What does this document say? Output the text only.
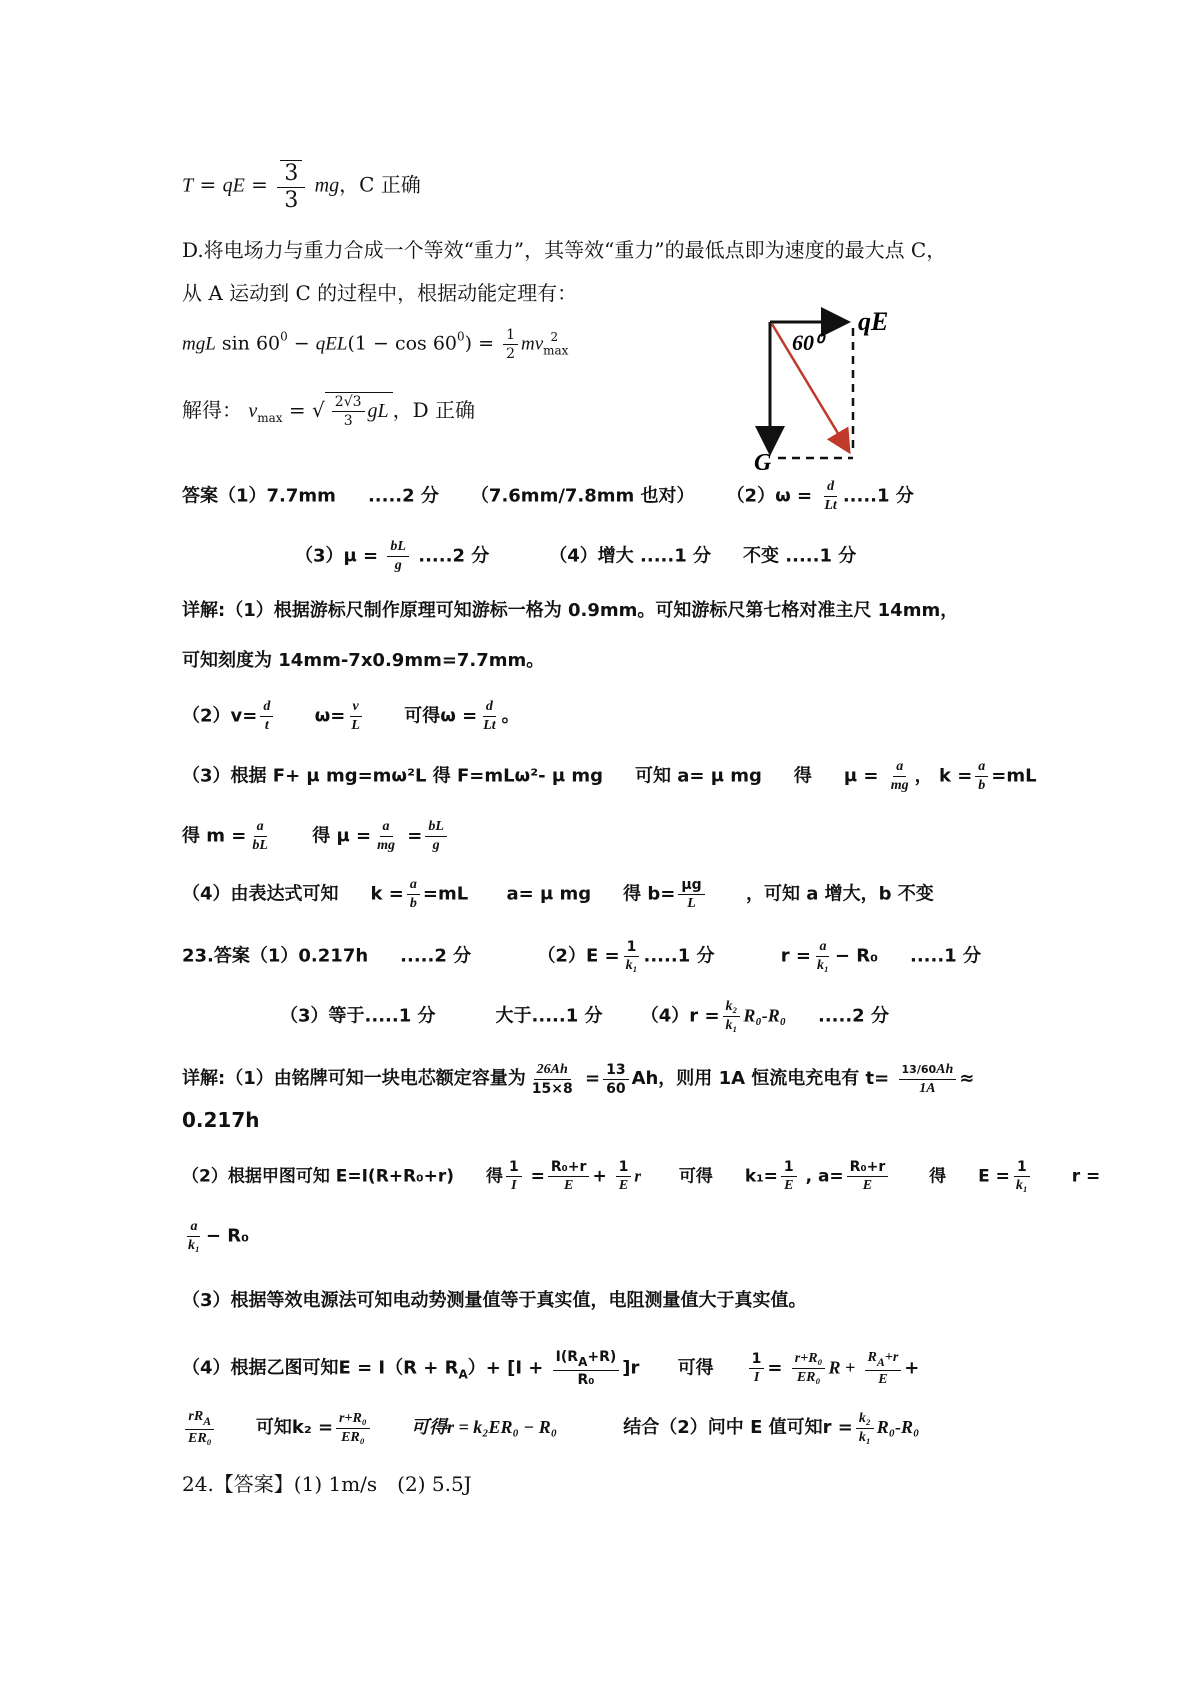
T = qE = $\frac{3}{3}$ mg，C 正确
D.将电场力与重力合成一个等效“重力”，其等效“重力”的最低点即为速度的最大点 C，
从 A 运动到 C 的过程中，根据动能定理有：
mgL $\sin 60^0 - qEL(1 - \cos 60^0) = \frac{1}{2} mv_{max}^2$
解得： $v_{max}$ = √ $\frac{2√3}{3}$ gL ，D 正确
qE
60⁰
G
答案（1）7.7mm .....2 分 （7.6mm/7.8mm 也对） $(2)\omega = \frac{d}{Lt} .....1$ 分
$(3)\mu = \frac{bL}{g} .....2$ 分	（4）增大 .....1 分 不变 .....1 分
详解:（1）根据游标尺制作原理可知游标一格为 0.9mm。可知游标尺第七格对准主尺 14mm，
可知刻度为 14mm-7x0.9mm=7.7mm。
$(2)v= \frac{d}{t} \omega= \frac{v}{L}$ 可得$\omega = \frac{d}{Lt}$ 。
（3）根据 F+ μ mg=mω²L 得 F=mLω²- μ mg 可知 a= μ mg 得 $\mu = \frac{a}{mg}$ ， $k = \frac{a}{b} =mL$
得 $m = \frac{a}{bL}$ 得 $\mu = \frac{a}{mg} = \frac{bL}{g}$
（4）由表达式可知 $k = \frac{a}{b} =mL$ a= μ mg 得 $b= \frac{\mu g}{L}$ ，可知 a 增大，b 不变
23.答案（1）0.217h .....2 分	$(2)E = \frac{1}{\text{k₁}} .....1$ 分	$r = \frac{a}{\text{k₁}} - R_0$ .....1 分
（3）等于.....1 分	大于.....1 分 $(4)r = \frac{\text{k₂}}{\text{k₁}} R_0-R_0$ .....2 分
详解:（1）由铭牌可知一块电芯额定容量为 $\frac{26Ah}{15\times 8} = \frac{13}{60}$ Ah，则用 1A 恒流电充电有 $t= \frac{13/60Ah}{1A}$ ≈
0.217h
（2）根据甲图可知 E=I(R+R₀+r) 得 $\frac{1}{I} = \frac{\text{R₀+r}}{E} + \frac{1}{E}$ r 可得 $k_1= \frac{1}{E}$ , $a= \frac{\text{R₀+r}}{E}$ 得 $E = \frac{1}{\text{k₁}}$ r =
$\frac{a}{\text{k₁}} - R_0$
（3）根据等效电源法可知电动势测量值等于真实值，电阻测量值大于真实值。
（4）根据乙图可知$E = I(R + R_A)+ [I + \frac{I(RA+R)}{\text{R₀}} ]r$ 可得	$\frac{1}{I} = \frac{\text{r+R₀}}{\text{ER₀}}$ $R + \frac{RA+r}{E}$ +
$\frac{\text{rRA}}{\text{ER₀}}$ 可知$k_2 = \frac{\text{r+R₀}}{\text{ER₀}}$ 可得r = k₂ER₀ − R₀	结合（2）问中 E 值可知$r = \frac{\text{k₂}}{\text{k₁}} R_0-R_0$
24.【答案】(1) 1m/s　(2) 5.5J
